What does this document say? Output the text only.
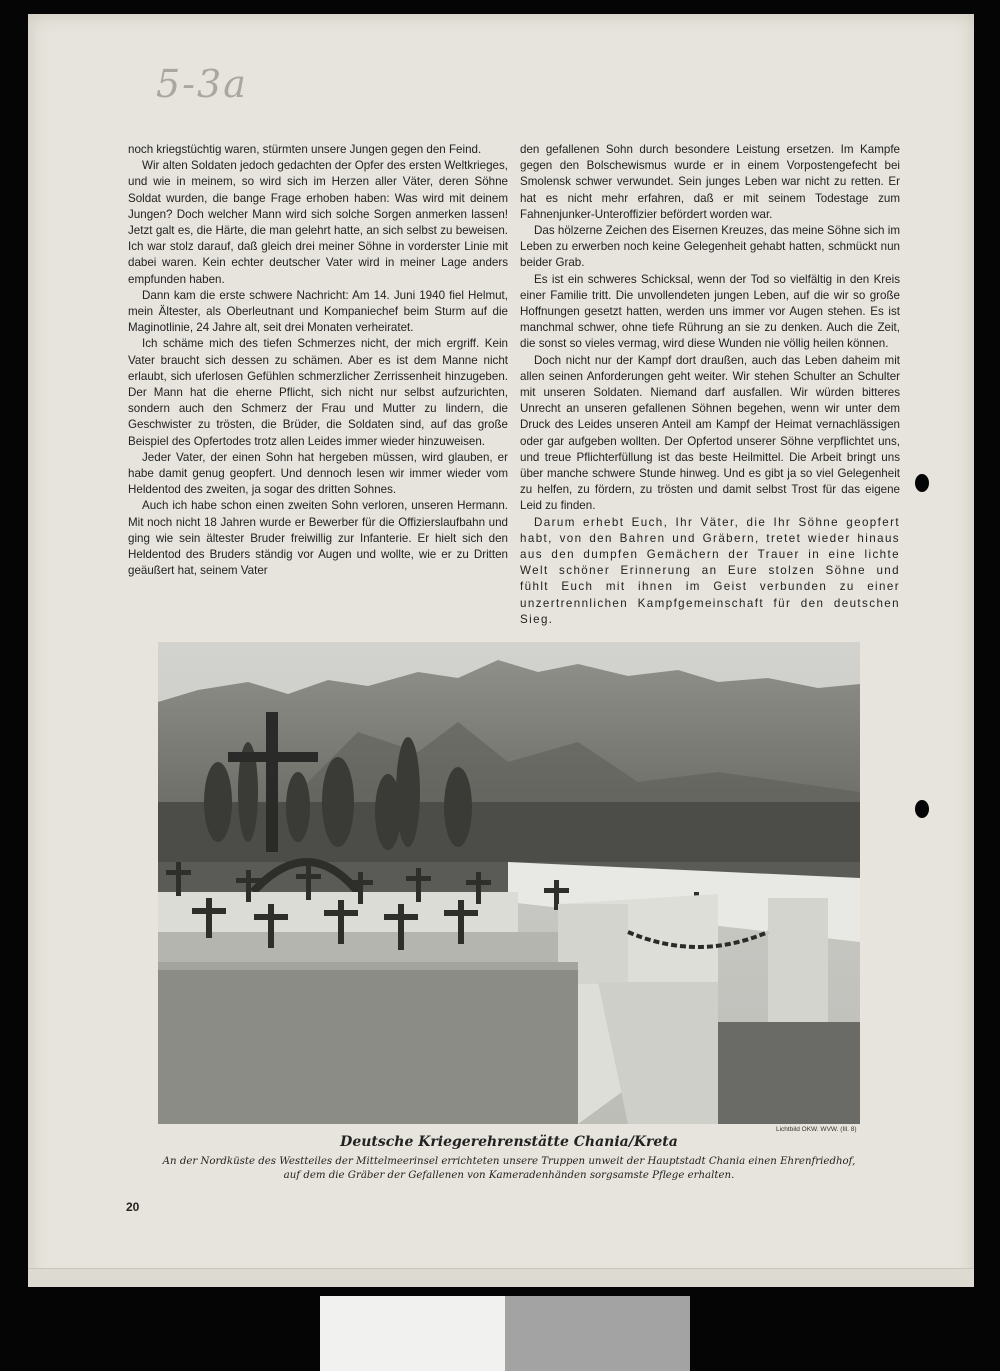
5-3a

noch kriegstüchtig waren, stürmten unsere Jungen gegen den Feind.

Wir alten Soldaten jedoch gedachten der Opfer des ersten Weltkrieges, und wie in meinem, so wird sich im Herzen aller Väter, deren Söhne Soldat wurden, die bange Frage erhoben haben: Was wird mit deinem Jungen? Doch welcher Mann wird sich solche Sorgen anmerken lassen! Jetzt galt es, die Härte, die man gelehrt hatte, an sich selbst zu beweisen. Ich war stolz darauf, daß gleich drei meiner Söhne in vorderster Linie mit dabei waren. Kein echter deutscher Vater wird in meiner Lage anders empfunden haben.

Dann kam die erste schwere Nachricht: Am 14. Juni 1940 fiel Helmut, mein Ältester, als Oberleutnant und Kompaniechef beim Sturm auf die Maginotlinie, 24 Jahre alt, seit drei Monaten verheiratet.

Ich schäme mich des tiefen Schmerzes nicht, der mich ergriff. Kein Vater braucht sich dessen zu schämen. Aber es ist dem Manne nicht erlaubt, sich uferlosen Gefühlen schmerzlicher Zerrissenheit hinzugeben. Der Mann hat die eherne Pflicht, sich nicht nur selbst aufzurichten, sondern auch den Schmerz der Frau und Mutter zu lindern, die Geschwister zu trösten, die Brüder, die Soldaten sind, auf das große Beispiel des Opfertodes trotz allen Leides immer wieder hinzuweisen.

Jeder Vater, der einen Sohn hat hergeben müssen, wird glauben, er habe damit genug geopfert. Und dennoch lesen wir immer wieder vom Heldentod des zweiten, ja sogar des dritten Sohnes.

Auch ich habe schon einen zweiten Sohn verloren, unseren Hermann. Mit noch nicht 18 Jahren wurde er Bewerber für die Offizierslaufbahn und ging wie sein ältester Bruder freiwillig zur Infanterie. Er hielt sich den Heldentod des Bruders ständig vor Augen und wollte, wie er zu Dritten geäußert hat, seinem Vater

den gefallenen Sohn durch besondere Leistung ersetzen. Im Kampfe gegen den Bolschewismus wurde er in einem Vorpostengefecht bei Smolensk schwer verwundet. Sein junges Leben war nicht zu retten. Er hat es nicht mehr erfahren, daß er mit seinem Todestage zum Fahnenjunker-Unteroffizier befördert worden war.

Das hölzerne Zeichen des Eisernen Kreuzes, das meine Söhne sich im Leben zu erwerben noch keine Gelegenheit gehabt hatten, schmückt nun beider Grab.

Es ist ein schweres Schicksal, wenn der Tod so vielfältig in den Kreis einer Familie tritt. Die unvollendeten jungen Leben, auf die wir so große Hoffnungen gesetzt hatten, werden uns immer vor Augen stehen. Es ist manchmal schwer, ohne tiefe Rührung an sie zu denken. Auch die Zeit, die sonst so vieles vermag, wird diese Wunden nie völlig heilen können.

Doch nicht nur der Kampf dort draußen, auch das Leben daheim mit allen seinen Anforderungen geht weiter. Wir stehen Schulter an Schulter mit unseren Soldaten. Niemand darf ausfallen. Wir würden bitteres Unrecht an unseren gefallenen Söhnen begehen, wenn wir unter dem Druck des Leides unseren Anteil am Kampf der Heimat vernachlässigen oder gar aufgeben wollten. Der Opfertod unserer Söhne verpflichtet uns, und treue Pflichterfüllung ist das beste Heilmittel. Die Arbeit bringt uns über manche schwere Stunde hinweg. Und es gibt ja so viel Gelegenheit zu helfen, zu fördern, zu trösten und damit selbst Trost für das eigene Leid zu finden.

Darum erhebt Euch, Ihr Väter, die Ihr Söhne geopfert habt, von den Bahren und Gräbern, tretet wieder hinaus aus den dumpfen Gemächern der Trauer in eine lichte Welt schöner Erinnerung an Eure stolzen Söhne und fühlt Euch mit ihnen im Geist verbunden zu einer unzertrennlichen Kampfgemeinschaft für den deutschen Sieg.

Lichtbild OKW. WVW. (Ill. 8)
Deutsche Kriegerehrenstätte Chania/Kreta
An der Nordküste des Westteiles der Mittelmeerinsel errichteten unsere Truppen unweit der Hauptstadt Chania einen Ehrenfriedhof, auf dem die Gräber der Gefallenen von Kameradenhänden sorgsamste Pflege erhalten.
20
